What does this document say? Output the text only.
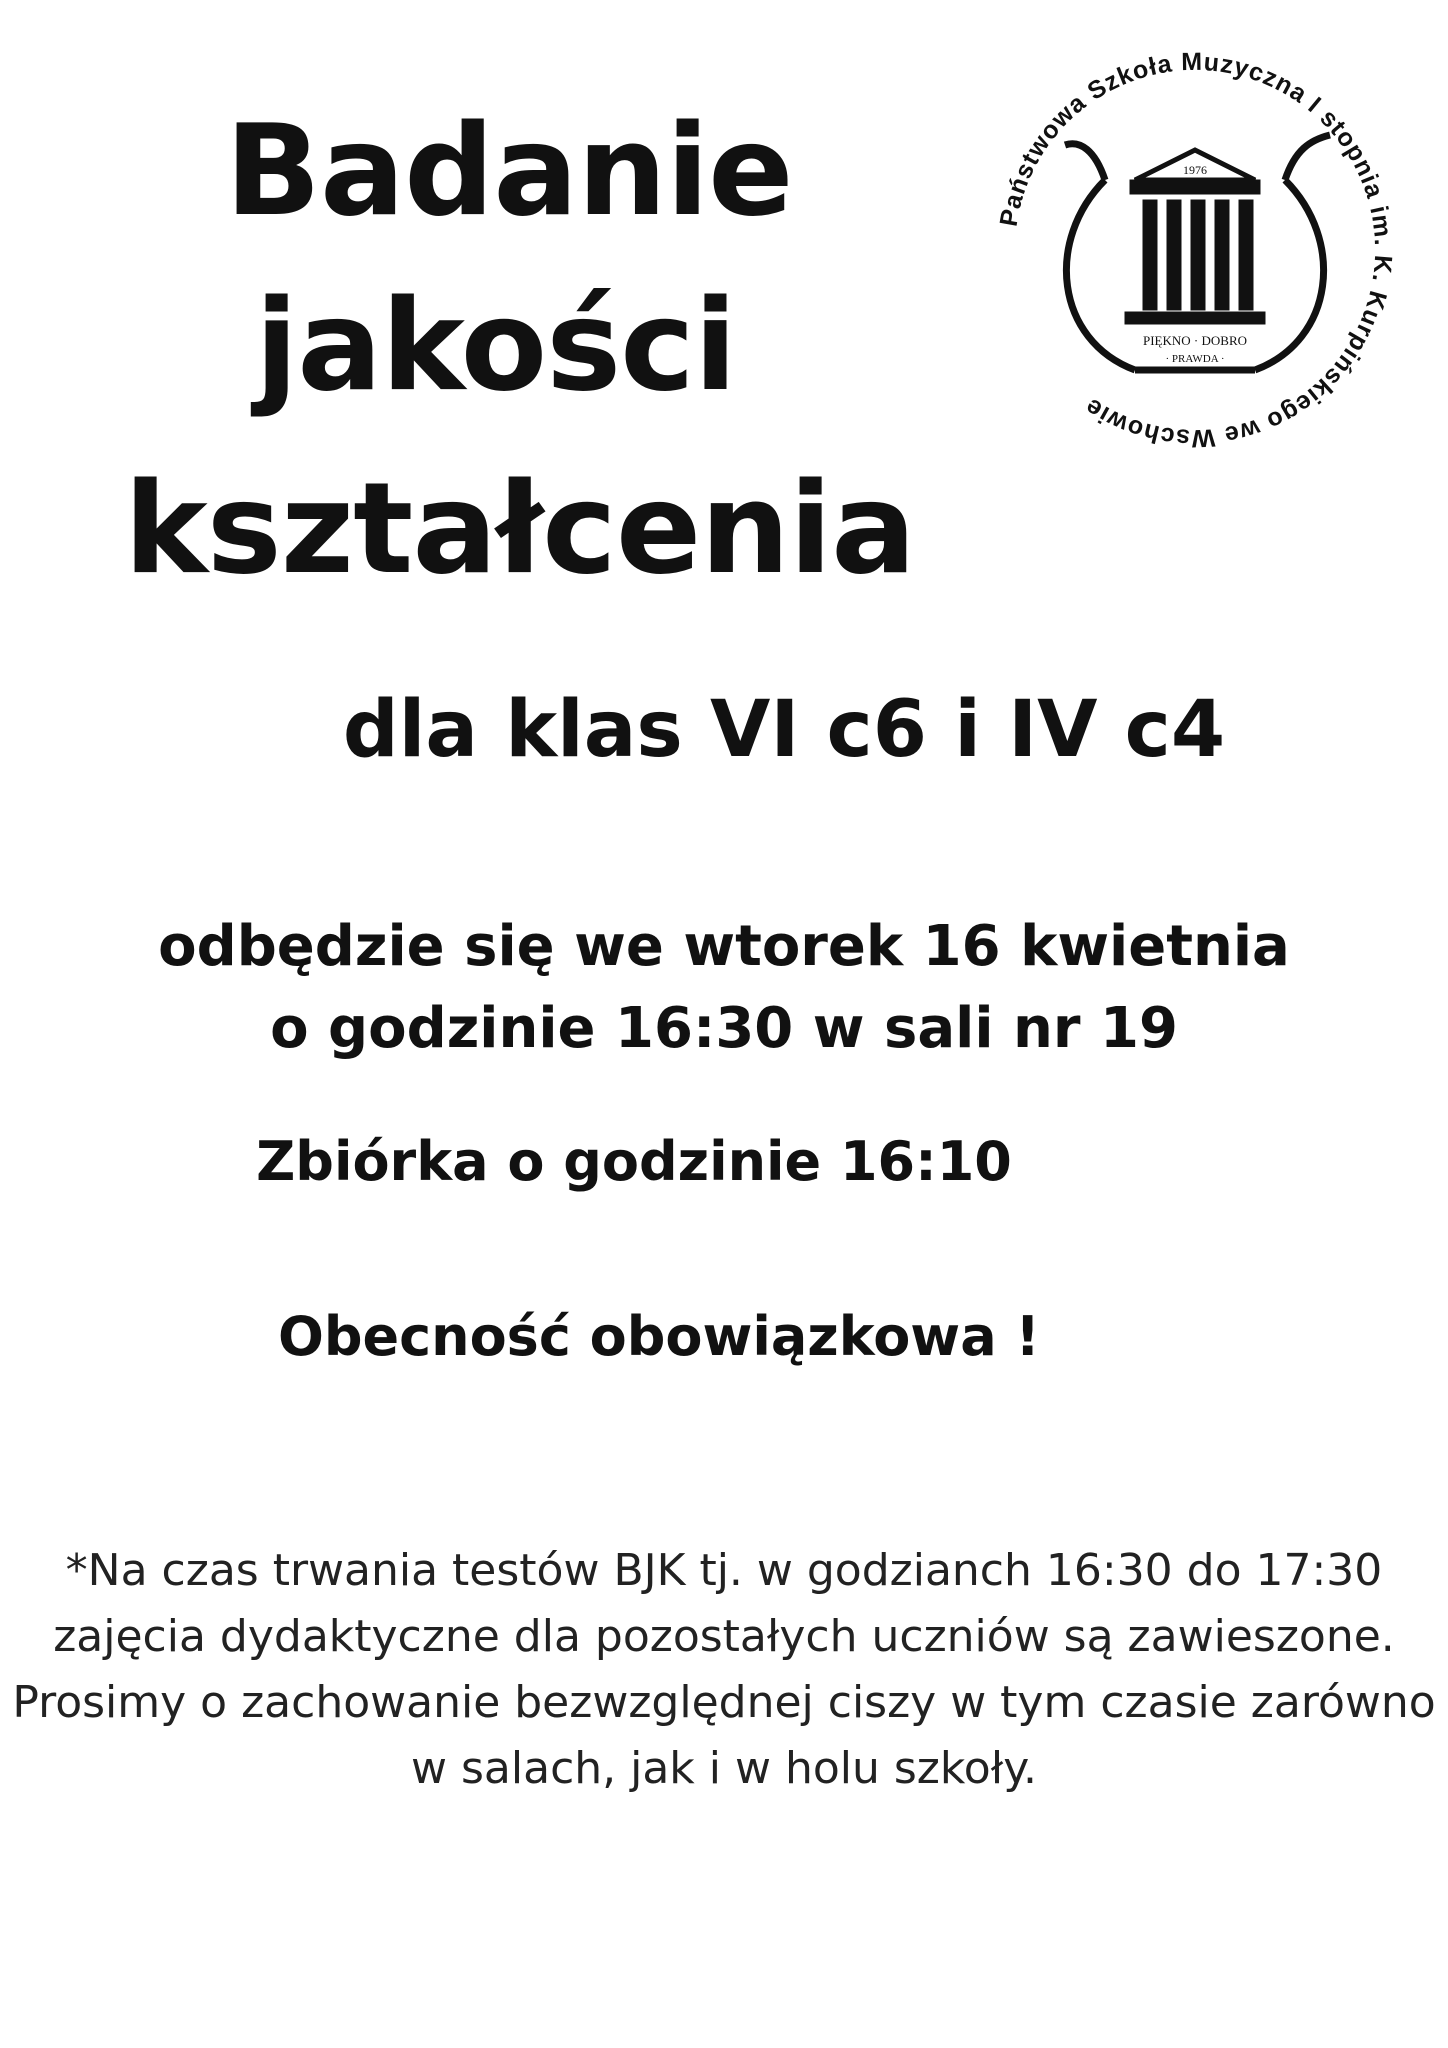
Badanie
jakości
kształcenia
Państwowa Szkoła Muzyczna I stopnia im. K. Kurpińskiego we Wschowie
1976
PIĘKNO · DOBRO
· PRAWDA ·
dla klas VI c6 i IV c4
odbędzie się we wtorek 16 kwietnia
o godzinie 16:30 w sali nr 19
Zbiórka o godzinie 16:10
Obecność obowiązkowa !
*Na czas trwania testów BJK tj. w godzianch 16:30 do 17:30
zajęcia dydaktyczne dla pozostałych uczniów są zawieszone.
Prosimy o zachowanie bezwzględnej ciszy w tym czasie zarówno
w salach, jak i w holu szkoły.
